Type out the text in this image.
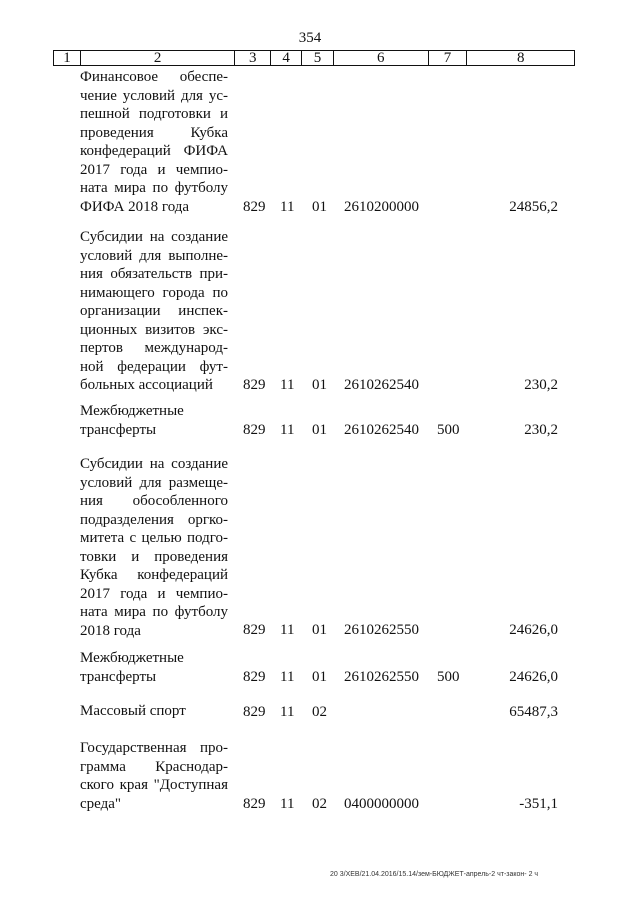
354
1	2	3	4	5	6	7	8
Финансовое обеспе-
чение условий для ус-
пешной подготовки и
проведения Кубка
конфедераций ФИФА
2017 года и чемпио-
ната мира по футболу
ФИФА 2018 года	829 11 01 2610200000	24856,2
Субсидии на создание
условий для выполне-
ния обязательств при-
нимающего города по
организации инспек-
ционных визитов экс-
пертов международ-
ной федерации фут-
больных ассоциаций	829 11 01 2610262540	230,2
Межбюджетные
трансферты	829 11 01 2610262540 500	230,2
Субсидии на создание
условий для размеще-
ния обособленного
подразделения оргко-
митета с целью подго-
товки и проведения
Кубка конфедераций
2017 года и чемпио-
ната мира по футболу
2018 года	829 11 01 2610262550	24626,0
Межбюджетные
трансферты	829 11 01 2610262550 500	24626,0
Массовый спорт	829 11 02	65487,3
Государственная про-
грамма Краснодар-
ского края "Доступная
среда"	829 11 02 0400000000	-351,1
20 3/ХЕВ/21.04.2016/15.14/зем-БЮДЖЕТ-апрель-2 чт-закон- 2 ч
